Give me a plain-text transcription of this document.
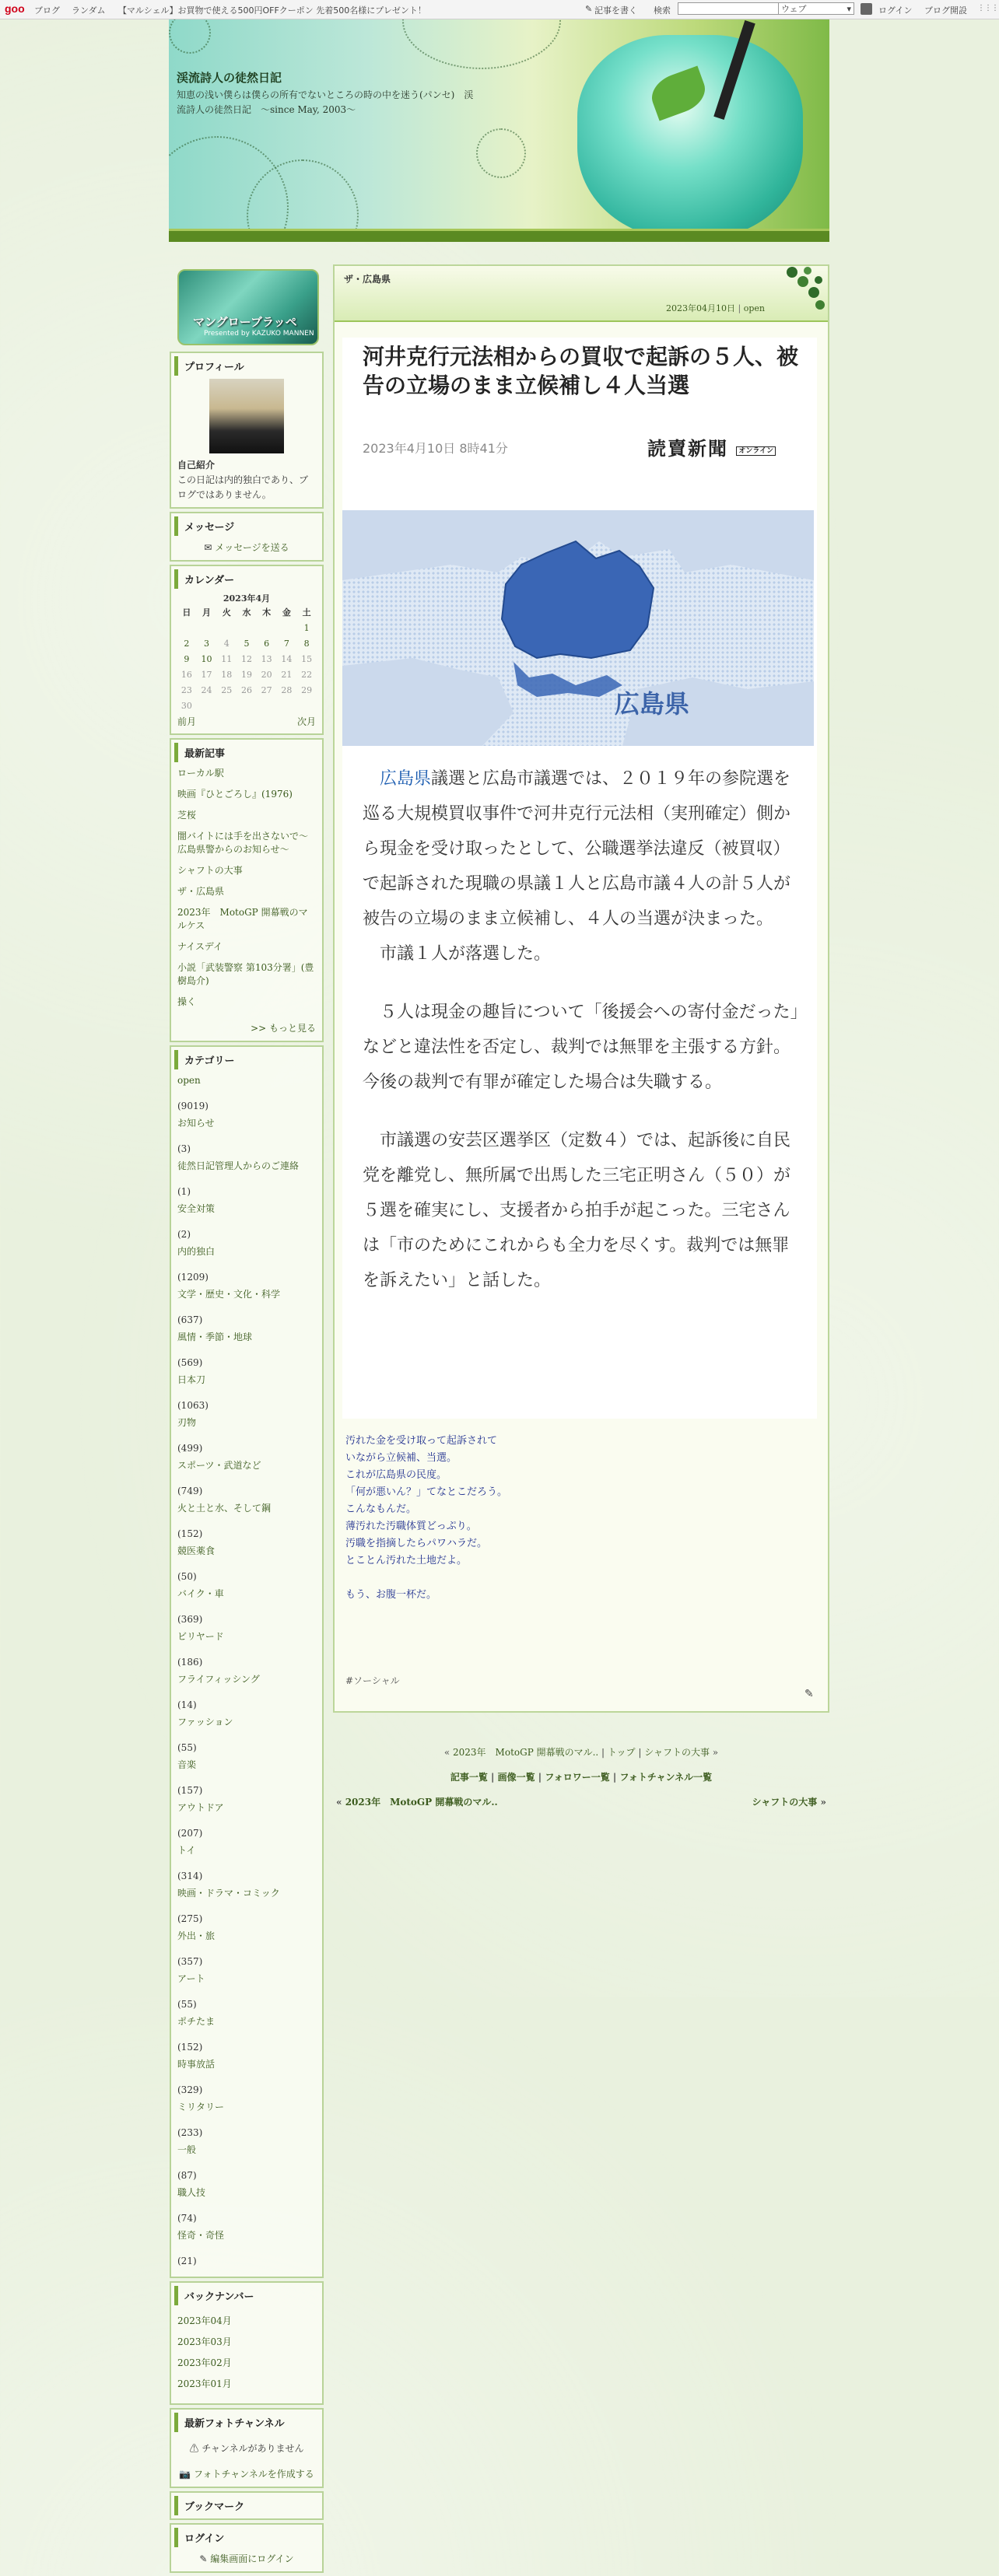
goo ブログ ランダム 【マルシェル】お買物で使える500円OFFクーポン 先着500名様にプレゼント！	✎ 記事を書く 検索	ウェブ	▾	ログイン ブログ開設 ⋮⋮⋮
渓流詩人の徒然日記
知恵の浅い僕らは僕らの所有でないところの時の中を迷う(パンセ)　渓流詩人の徒然日記　～since May, 2003～
マングローブラッペ
Presented by KAZUKO MANNEN
プロフィール
自己紹介
この日記は内的独白であり、ブログではありません。
メッセージ
✉ メッセージを送る
カレンダー
2023年4月
日	月	火	水	木	金	土
						1
2	3	4	5	6	7	8
9	10	11	12	13	14	15
16	17	18	19	20	21	22
23	24	25	26	27	28	29
30						
前月	次月
最新記事
ローカル駅
映画『ひとごろし』(1976)
芝桜
闇バイトには手を出さないで～広島県警からのお知らせ～
シャフトの大事
ザ・広島県
2023年　MotoGP 開幕戦のマルケス
ナイスデイ
小説「武装警察 第103分署」(豊樹島介)
操く
>> もっと見る
カテゴリー
open
(9019)
お知らせ
(3)
徒然日記管理人からのご連絡
(1)
安全対策
(2)
内的独白
(1209)
文学・歴史・文化・科学
(637)
風情・季節・地球
(569)
日本刀
(1063)
刃物
(499)
スポーツ・武道など
(749)
火と土と水、そして鋼
(152)
競医薬食
(50)
バイク・車
(369)
ビリヤード
(186)
フライフィッシング
(14)
ファッション
(55)
音楽
(157)
アウトドア
(207)
トイ
(314)
映画・ドラマ・コミック
(275)
外出・旅
(357)
アート
(55)
ポチたま
(152)
時事放話
(329)
ミリタリー
(233)
一般
(87)
職人技
(74)
怪奇・奇怪
(21)
バックナンバー
2023年04月
2023年03月
2023年02月
2023年01月
最新フォトチャンネル
⚠ チャンネルがありません
📷 フォトチャンネルを作成する
ブックマーク
ログイン
✎ 編集画面にログイン
ザ・広島県
2023年04月10日 | open
河井克行元法相からの買収で起訴の５人、被告の立場のまま立候補し４人当選
2023年4月10日 8時41分	読賣新聞 オンライン
広島県

　広島県議選と広島市議選では、２０１９年の参院選を巡る大規模買収事件で河井克行元法相（実刑確定）側から現金を受け取ったとして、公職選挙法違反（被買収）で起訴された現職の県議１人と広島市議４人の計５人が被告の立場のまま立候補し、４人の当選が決まった。

　市議１人が落選した。

　５人は現金の趣旨について「後援会への寄付金だった」などと違法性を否定し、裁判では無罪を主張する方針。今後の裁判で有罪が確定した場合は失職する。

　市議選の安芸区選挙区（定数４）では、起訴後に自民党を離党し、無所属で出馬した三宅正明さん（５０）が５選を確実にし、支援者から拍手が起こった。三宅さんは「市のためにこれからも全力を尽くす。裁判では無罪を訴えたい」と話した。

汚れた金を受け取って起訴されて
いながら立候補、当選。
これが広島県の民度。
「何が悪いん？」てなとこだろう。
こんなもんだ。
薄汚れた汚職体質どっぷり。
汚職を指摘したらパワハラだ。
とことん汚れた土地だよ。

もう、お腹一杯だ。
#ソーシャル
✎
« 2023年　MotoGP 開幕戦のマル.. | トップ | シャフトの大事 »
記事一覧 | 画像一覧 | フォロワー一覧 | フォトチャンネル一覧
« 2023年　MotoGP 開幕戦のマル..	シャフトの大事 »
